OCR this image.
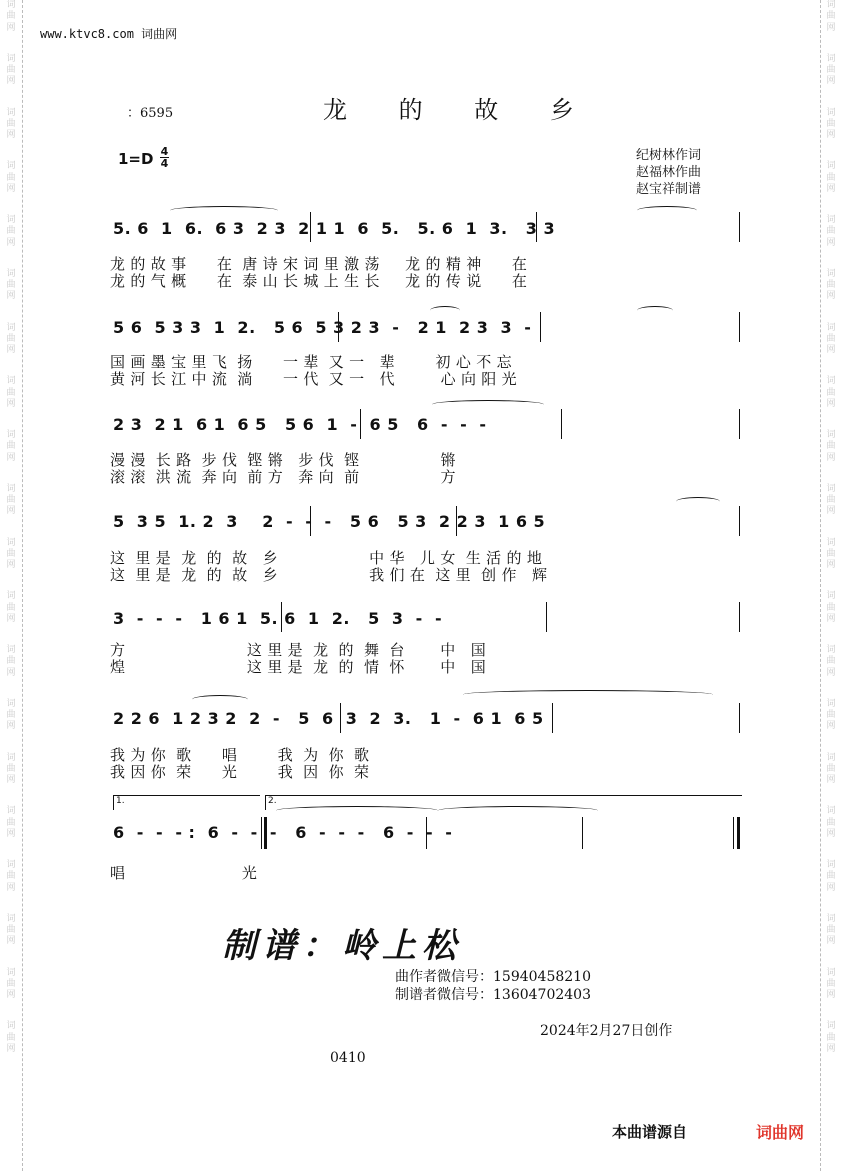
词
曲
网
词
曲
网
词
曲
网
词
曲
网
词
曲
网
词
曲
网
词
曲
网
词
曲
网
词
曲
网
词
曲
网
词
曲
网
词
曲
网
词
曲
网
词
曲
网
词
曲
网
词
曲
网
词
曲
网
词
曲
网
词
曲
网
词
曲
网
词
曲
网
词
曲
网
词
曲
网
词
曲
网
词
曲
网
词
曲
网
词
曲
网
词
曲
网
词
曲
网
词
曲
网
词
曲
网
词
曲
网
词
曲
网
词
曲
网
词
曲
网
词
曲
网
词
曲
网
词
曲
网
词
曲
网
词
曲
网
www.ktvc8.com 词曲网
龙 的 故 乡
：6595
1=D 4
4
纪树林作词
赵福林作曲
赵宝祥制谱
5. 6  1  6.  6 3  2 3  2 1 1  6  5.   5. 6  1  3.   3 3
龙 的 故 事      在  唐 诗 宋 词 里 激 荡     龙 的 精 神      在
龙 的 气 概      在  泰 山 长 城 上 生 长     龙 的 传 说      在
5 6  5 3 3  1  2.   5 6  5 3 2 3  -   2 1  2 3  3  -
国 画 墨 宝 里 飞  扬      一 辈  又 一   辈        初 心 不 忘
黄 河 长 江 中 流  淌      一 代  又 一   代         心 向 阳 光
2 3  2 1  6 1  6 5   5 6  1  -  6 5   6  -  -  -
漫 漫  长 路  步 伐  铿 锵   步 伐  铿                锵
滚 滚  洪 流  奔 向  前 方   奔 向  前                方
5  3 5  1. 2  3    2  -  -  -   5 6   5 3  2 2 3  1 6 5
这  里 是  龙  的  故   乡                  中 华   儿 女  生 活 的 地
这  里 是  龙  的  故   乡                  我 们 在  这 里  创 作   辉
3  -  -  -   1 6 1  5. 6  1  2.   5  3  -  -
方                        这 里 是  龙  的  舞  台       中   国
煌                        这 里 是  龙  的  情  怀       中   国
2 2 6  1 2 3 2  2  -   5  6  3  2  3.   1  -  6 1  6 5
我 为 你  歌      唱        我  为  你  歌
我 因 你  荣      光        我  因  你  荣
1.	2.
6  -  -  - :  6  -  -  -   6  -  -  -   6  -  -  -
唱                       光
制谱：岭上松
曲作者微信号：15940458210
制谱者微信号：13604702403
2024年2月27日创作
0410
本曲谱源自	词曲网
